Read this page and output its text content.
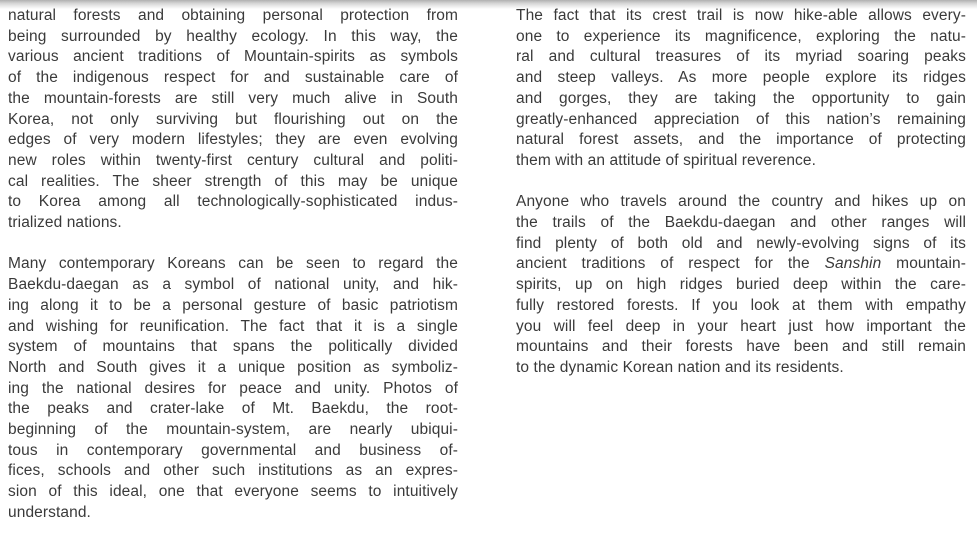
natural forests and obtaining personal protection from
being surrounded by healthy ecology. In this way, the
various ancient traditions of Mountain-spirits as symbols
of the indigenous respect for and sustainable care of
the mountain-forests are still very much alive in South
Korea, not only surviving but flourishing out on the
edges of very modern lifestyles; they are even evolving
new roles within twenty-first century cultural and politi-
cal realities. The sheer strength of this may be unique
to Korea among all technologically-sophisticated indus-
trialized nations.
Many contemporary Koreans can be seen to regard the
Baekdu-daegan as a symbol of national unity, and hik-
ing along it to be a personal gesture of basic patriotism
and wishing for reunification. The fact that it is a single
system of mountains that spans the politically divided
North and South gives it a unique position as symboliz-
ing the national desires for peace and unity. Photos of
the peaks and crater-lake of Mt. Baekdu, the root-
beginning of the mountain-system, are nearly ubiqui-
tous in contemporary governmental and business of-
fices, schools and other such institutions as an expres-
sion of this ideal, one that everyone seems to intuitively
understand.
The fact that its crest trail is now hike-able allows every-
one to experience its magnificence, exploring the natu-
ral and cultural treasures of its myriad soaring peaks
and steep valleys. As more people explore its ridges
and gorges, they are taking the opportunity to gain
greatly-enhanced appreciation of this nation’s remaining
natural forest assets, and the importance of protecting
them with an attitude of spiritual reverence.
Anyone who travels around the country and hikes up on
the trails of the Baekdu-daegan and other ranges will
find plenty of both old and newly-evolving signs of its
ancient traditions of respect for the Sanshin mountain-
spirits, up on high ridges buried deep within the care-
fully restored forests. If you look at them with empathy
you will feel deep in your heart just how important the
mountains and their forests have been and still remain
to the dynamic Korean nation and its residents.
